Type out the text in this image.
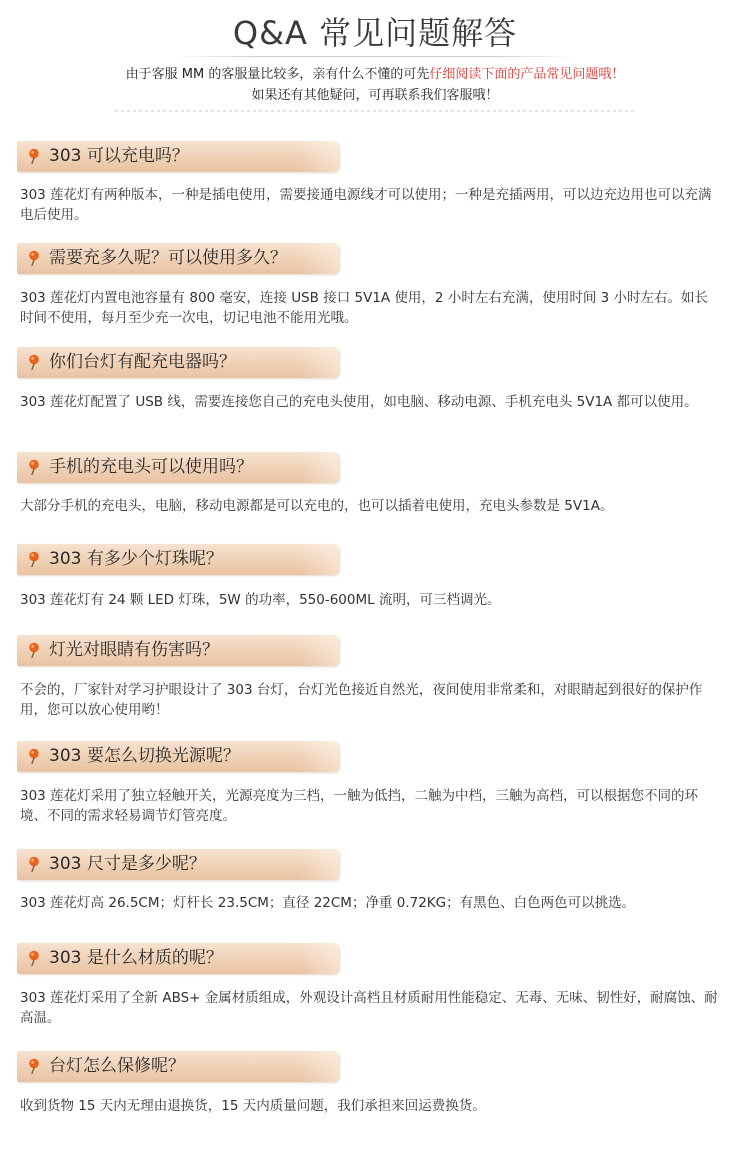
Q&A 常见问题解答
由于客服 MM 的客服量比较多，亲有什么不懂的可先仔细阅读下面的产品常见问题哦！
如果还有其他疑问，可再联系我们客服哦！
303 可以充电吗？
303 莲花灯有两种版本，一种是插电使用，需要接通电源线才可以使用；一种是充插两用，可以边充边用也可以充满电后使用。
需要充多久呢？可以使用多久？
303 莲花灯内置电池容量有 800 毫安，连接 USB 接口 5V1A 使用，2 小时左右充满，使用时间 3 小时左右。如长时间不使用，每月至少充一次电，切记电池不能用光哦。
你们台灯有配充电器吗？
303 莲花灯配置了 USB 线，需要连接您自己的充电头使用，如电脑、移动电源、手机充电头 5V1A 都可以使用。
手机的充电头可以使用吗？
大部分手机的充电头，电脑，移动电源都是可以充电的，也可以插着电使用，充电头参数是 5V1A。
303 有多少个灯珠呢？
303 莲花灯有 24 颗 LED 灯珠，5W 的功率，550-600ML 流明，可三档调光。
灯光对眼睛有伤害吗？
不会的，厂家针对学习护眼设计了 303 台灯，台灯光色接近自然光，夜间使用非常柔和，对眼睛起到很好的保护作用，您可以放心使用哟！
303 要怎么切换光源呢？
303 莲花灯采用了独立轻触开关，光源亮度为三档，一触为低挡，二触为中档，三触为高档，可以根据您不同的环境、不同的需求轻易调节灯管亮度。
303 尺寸是多少呢？
303 莲花灯高 26.5CM；灯杆长 23.5CM；直径 22CM；净重 0.72KG；有黑色、白色两色可以挑选。
303 是什么材质的呢？
303 莲花灯采用了全新 ABS+ 金属材质组成，外观设计高档且材质耐用性能稳定、无毒、无味、韧性好，耐腐蚀、耐高温。
台灯怎么保修呢？
收到货物 15 天内无理由退换货，15 天内质量问题，我们承担来回运费换货。
